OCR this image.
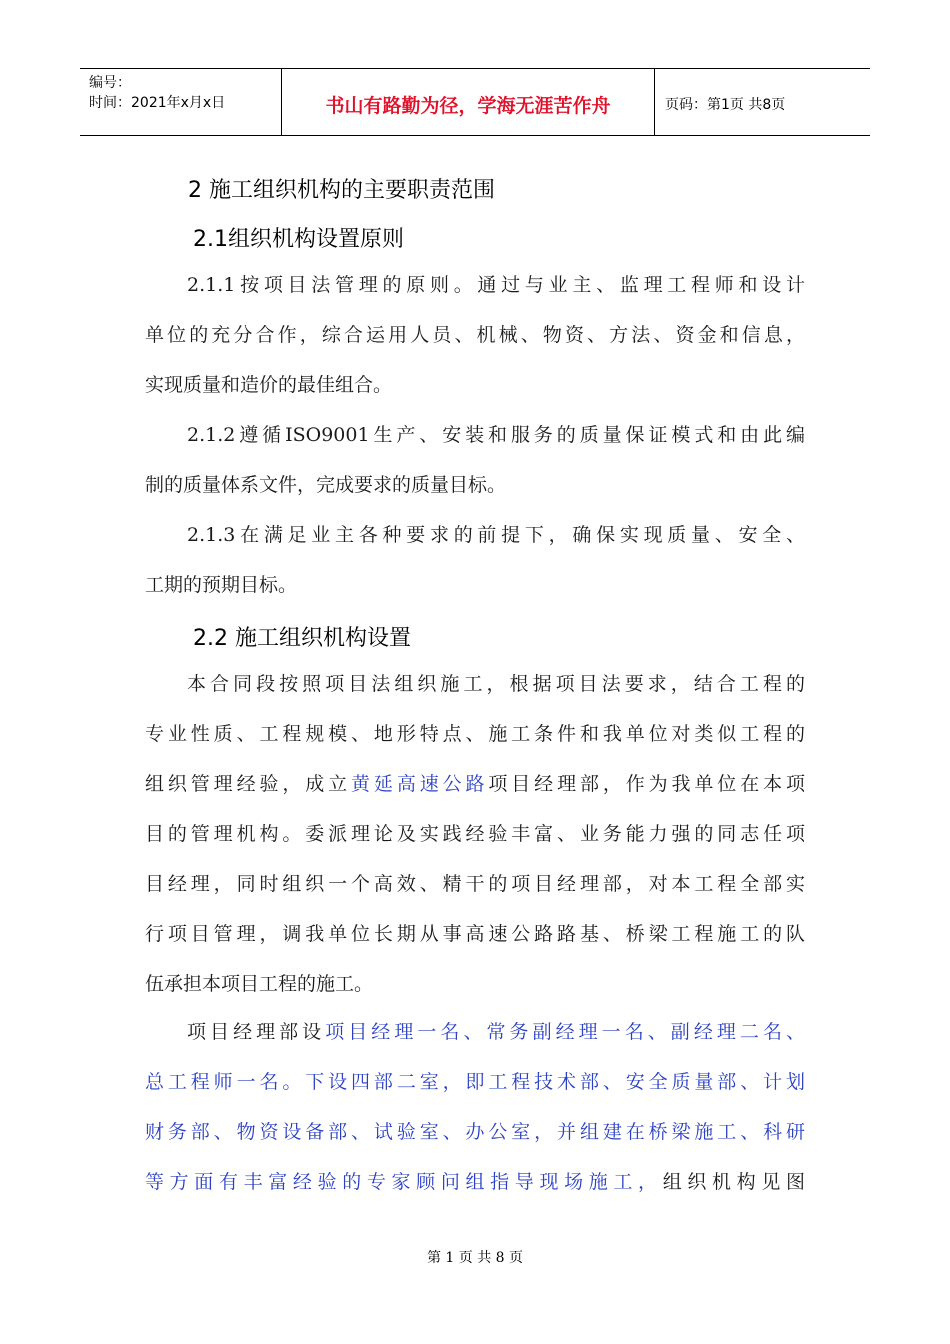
编号：
时间：2021年x月x日	书山有路勤为径，学海无涯苦作舟	页码：第1页 共8页
2 施工组织机构的主要职责范围
2.1组织机构设置原则
2.1.1按项目法管理的原则。通过与业主、监理工程师和设计
单位的充分合作，综合运用人员、机械、物资、方法、资金和信息，
实现质量和造价的最佳组合。
2.1.2遵循ISO9001生产、安装和服务的质量保证模式和由此编
制的质量体系文件，完成要求的质量目标。
2.1.3在满足业主各种要求的前提下，确保实现质量、安全、
工期的预期目标。
2.2 施工组织机构设置
本合同段按照项目法组织施工，根据项目法要求，结合工程的
专业性质、工程规模、地形特点、施工条件和我单位对类似工程的
组织管理经验，成立黄延高速公路项目经理部，作为我单位在本项
目的管理机构。委派理论及实践经验丰富、业务能力强的同志任项
目经理，同时组织一个高效、精干的项目经理部，对本工程全部实
行项目管理，调我单位长期从事高速公路路基、桥梁工程施工的队
伍承担本项目工程的施工。
项目经理部设项目经理一名、常务副经理一名、副经理二名、
总工程师一名。下设四部二室，即工程技术部、安全质量部、计划
财务部、物资设备部、试验室、办公室，并组建在桥梁施工、科研
等方面有丰富经验的专家顾问组指导现场施工，组织机构见图
第 1 页 共 8 页
